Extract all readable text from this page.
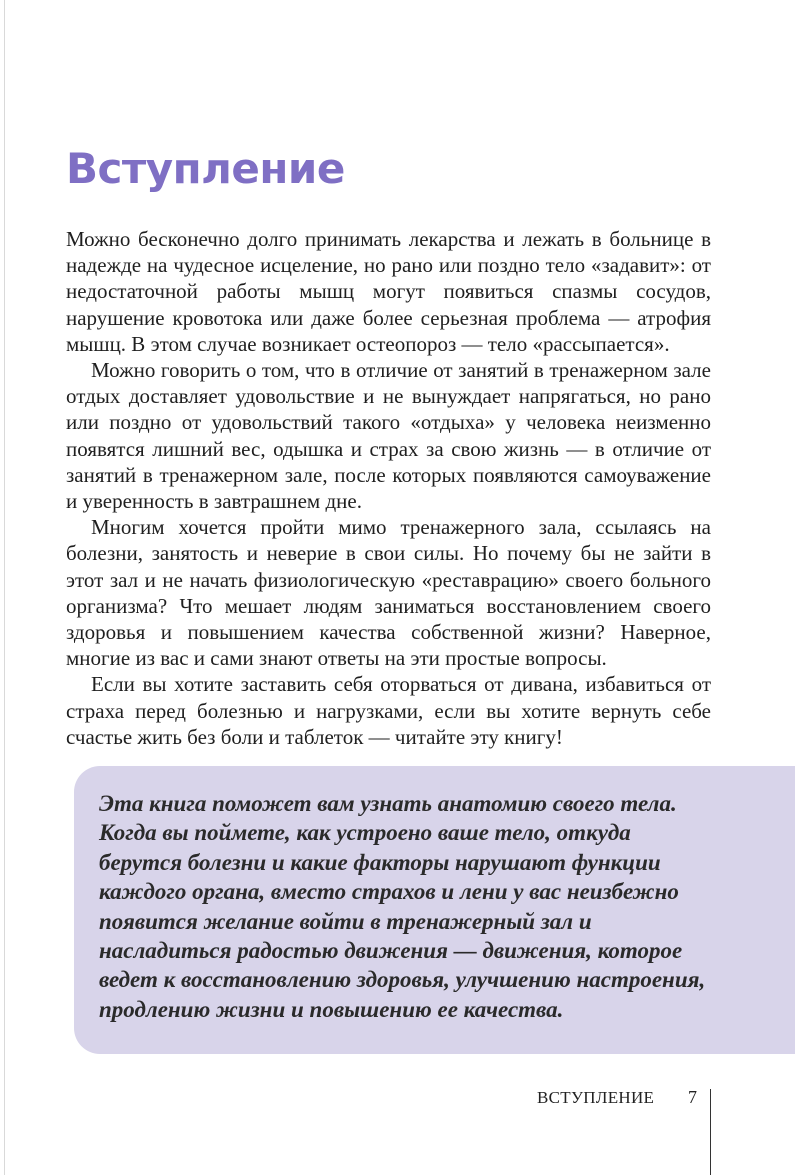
Вступление

Можно бесконечно долго принимать лекарства и лежать в больнице в надежде на чудесное исцеление, но рано или поздно тело «задавит»: от недостаточной работы мышц могут появиться спазмы сосудов, нарушение кровотока или даже более серьезная проблема — атрофия мышц. В этом случае возникает остеопороз — тело «рассыпается».

Можно говорить о том, что в отличие от занятий в тренажерном зале отдых доставляет удовольствие и не вынуждает напрягаться, но рано или поздно от удовольствий такого «отдыха» у человека неизменно появятся лишний вес, одышка и страх за свою жизнь — в отличие от занятий в тренажерном зале, после которых появляются самоуважение и уверенность в завтрашнем дне.

Многим хочется пройти мимо тренажерного зала, ссылаясь на болезни, занятость и неверие в свои силы. Но почему бы не зайти в этот зал и не начать физиологическую «реставрацию» своего больного организма? Что мешает людям заниматься восстановлением своего здоровья и повышением качества собственной жизни? Наверное, многие из вас и сами знают ответы на эти простые вопросы.

Если вы хотите заставить себя оторваться от дивана, избавиться от страха перед болезнью и нагрузками, если вы хотите вернуть себе счастье жить без боли и таблеток — читайте эту книгу!

Эта книга поможет вам узнать анатомию своего тела. Когда вы поймете, как устроено ваше тело, откуда берутся болезни и какие факторы нарушают функции каждого органа, вместо страхов и лени у вас неизбежно появится желание войти в тренажерный зал и насладиться радостью движения — движения, которое ведет к восстановлению здоровья, улучшению настроения, продлению жизни и повышению ее качества.

ВСТУПЛЕНИЕ 7
